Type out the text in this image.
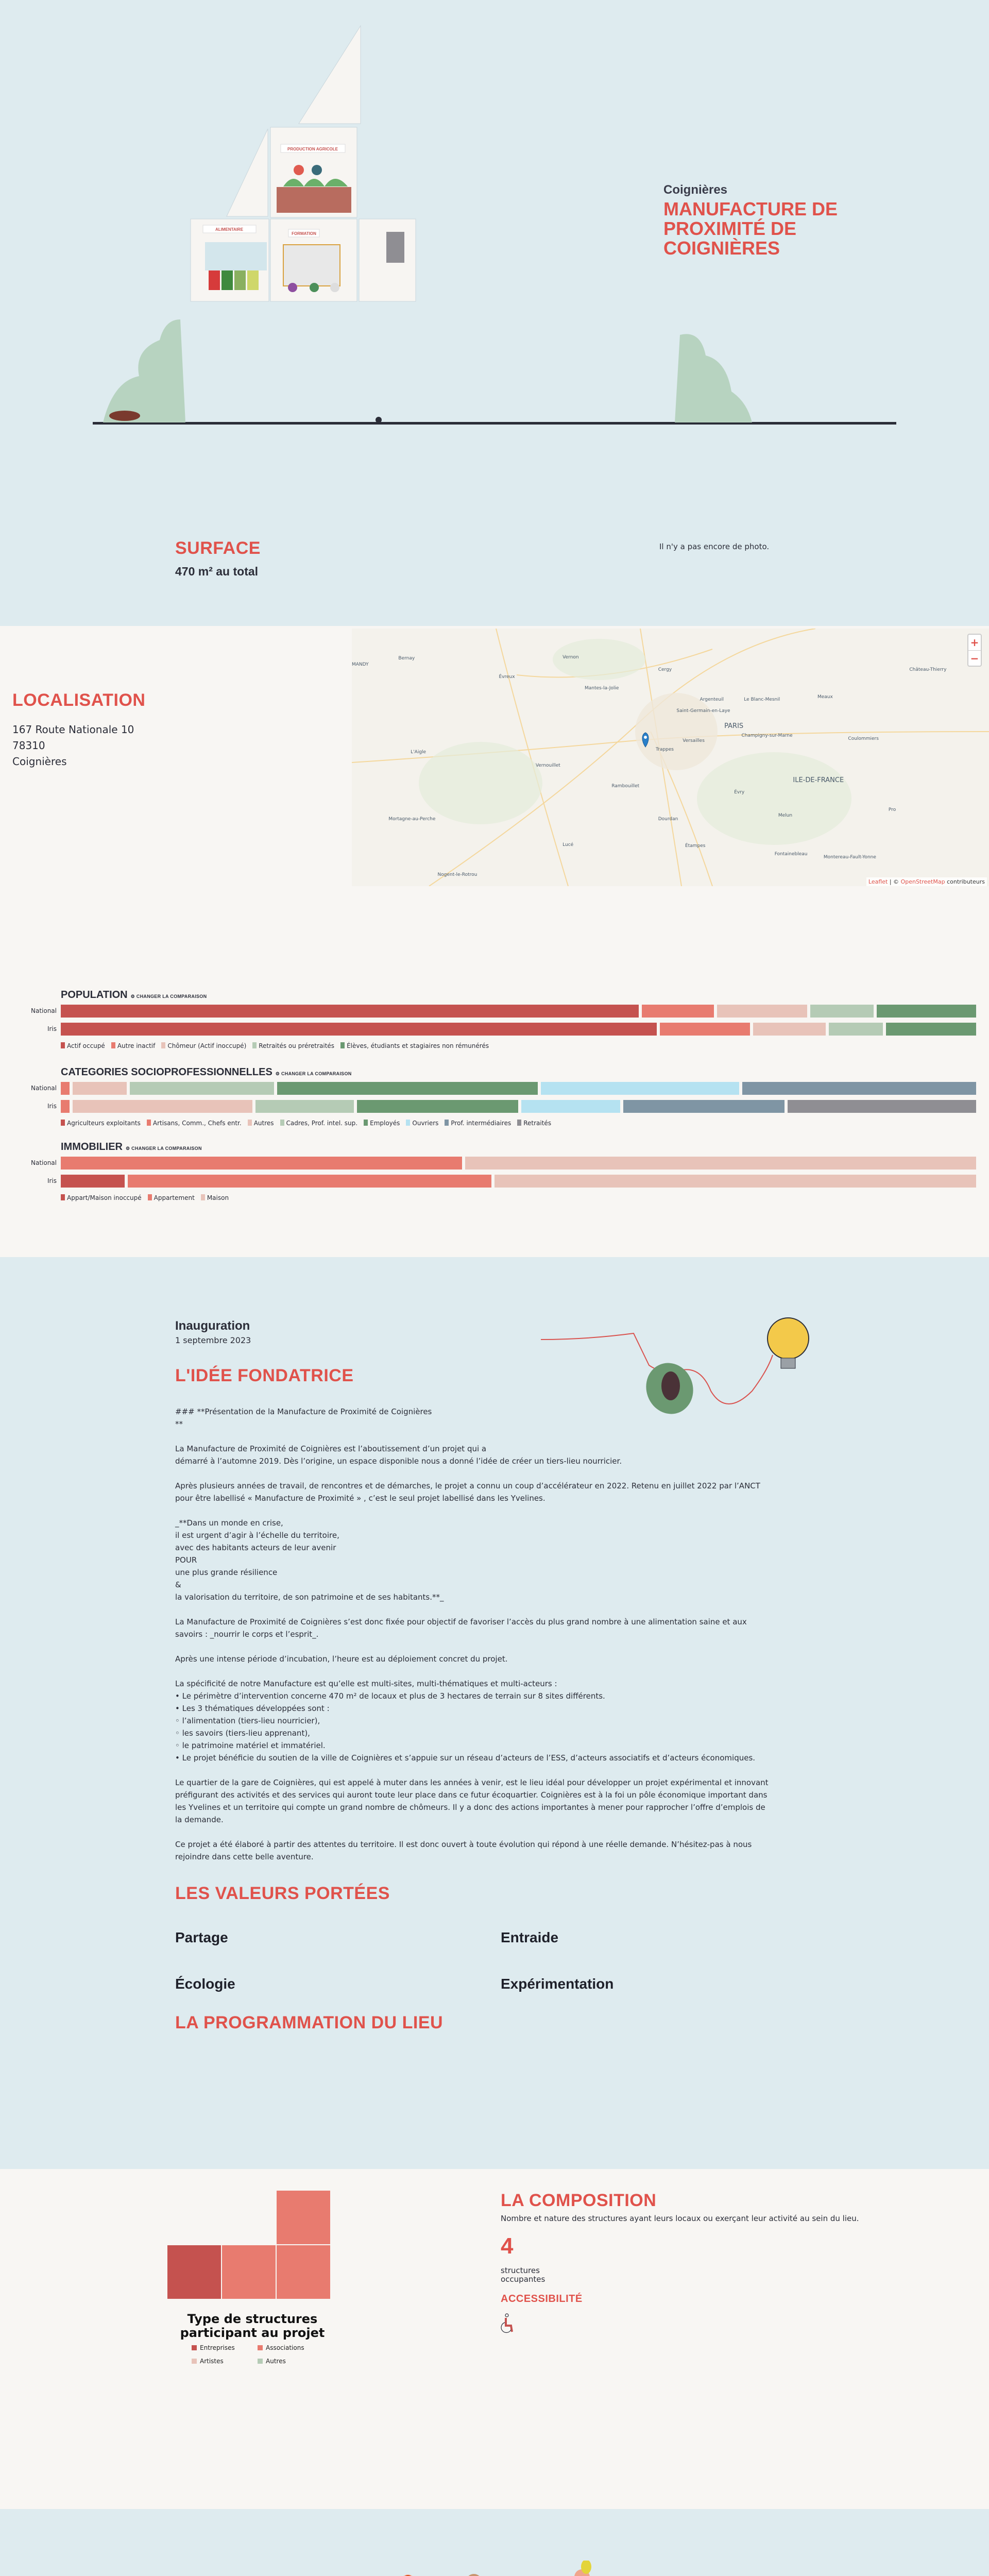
PRODUCTION AGRICOLE
ALIMENTAIRE
FORMATION
Coignières
MANUFACTURE DE
PROXIMITÉ DE
COIGNIÈRES
SURFACE
470 m² au total
Il n'y a pas encore de photo.
LOCALISATION

167 Route Nationale 10

78310

Coignières

MANDY
Bernay	Vernon
Évreux
Cergy
Mantes-la-Jolie
Argenteuil	Le Blanc-Mesnil	Meaux
Château-Thierry
Saint-Germain-en-Laye
PARIS
Champigny-sur-Marne
Coulommiers
Versailles
Trappes
L'Aigle
Vernouillet
Rambouillet
ILE-DE-FRANCE
Évry
Melun
Dourdan
Mortagne-au-Perche
Lucé	Étampes
Fontainebleau
Montereau-Fault-Yonne
Nogent-le-Rotrou
Pro
+
−
Leaflet | © OpenStreetMap contributeurs
POPULATION ⚙ CHANGER LA COMPARAISON
National
Iris
Actif occupé	Autre inactif	Chômeur (Actif inoccupé)	Retraités ou préretraités	Élèves, étudiants et stagiaires non rémunérés
CATEGORIES SOCIOPROFESSIONNELLES ⚙ CHANGER LA COMPARAISON
National
Iris
Agriculteurs exploitants	Artisans, Comm., Chefs entr.	Autres	Cadres, Prof. intel. sup.	Employés	Ouvriers	Prof. intermédiaires	Retraités
IMMOBILIER ⚙ CHANGER LA COMPARAISON
National
Iris
Appart/Maison inoccupé	Appartement	Maison
Inauguration
1 septembre 2023
L'IDÉE FONDATRICE

### **Présentation de la Manufacture de Proximité de Coignières
**

La Manufacture de Proximité de Coignières est l’aboutissement d’un projet qui a
démarré à l’automne 2019. Dès l’origine, un espace disponible nous a donné l’idée de créer un tiers-lieu nourricier.

Après plusieurs années de travail, de rencontres et de démarches, le projet a connu un coup d’accélérateur en 2022. Retenu en juillet 2022 par l’ANCT
pour être labellisé « Manufacture de Proximité » , c’est le seul projet labellisé dans les Yvelines.

_**Dans un monde en crise,
il est urgent d’agir à l’échelle du territoire,
avec des habitants acteurs de leur avenir
POUR
une plus grande résilience
&
la valorisation du territoire, de son patrimoine et de ses habitants.**_

La Manufacture de Proximité de Coignières s’est donc fixée pour objectif de favoriser l’accès du plus grand nombre à une alimentation saine et aux
savoirs : _nourrir le corps et l’esprit_.

Après une intense période d’incubation, l’heure est au déploiement concret du projet.

La spécificité de notre Manufacture est qu’elle est multi-sites, multi-thématiques et multi-acteurs :
• Le périmètre d’intervention concerne 470 m² de locaux et plus de 3 hectares de terrain sur 8 sites différents.
• Les 3 thématiques développées sont :
◦ l’alimentation (tiers-lieu nourricier),
◦ les savoirs (tiers-lieu apprenant),
◦ le patrimoine matériel et immatériel.
• Le projet bénéficie du soutien de la ville de Coignières et s’appuie sur un réseau d’acteurs de l’ESS, d’acteurs associatifs et d’acteurs économiques.

Le quartier de la gare de Coignières, qui est appelé à muter dans les années à venir, est le lieu idéal pour développer un projet expérimental et innovant
préfigurant des activités et des services qui auront toute leur place dans ce futur écoquartier. Coignières est à la foi un pôle économique important dans
les Yvelines et un territoire qui compte un grand nombre de chômeurs. Il y a donc des actions importantes à mener pour rapprocher l’offre d’emplois de
la demande.

Ce projet a été élaboré à partir des attentes du territoire. Il est donc ouvert à toute évolution qui répond à une réelle demande. N’hésitez-pas à nous
rejoindre dans cette belle aventure.

LES VALEURS PORTÉES
Partage	Entraide
Écologie	Expérimentation
LA PROGRAMMATION DU LIEU
Type de structures participant au projet
Entreprises	Associations
Artistes	Autres
LA COMPOSITION
Nombre et nature des structures ayant leurs locaux ou exerçant leur activité au sein du lieu.
4
structures
occupantes
ACCESSIBILITÉ
